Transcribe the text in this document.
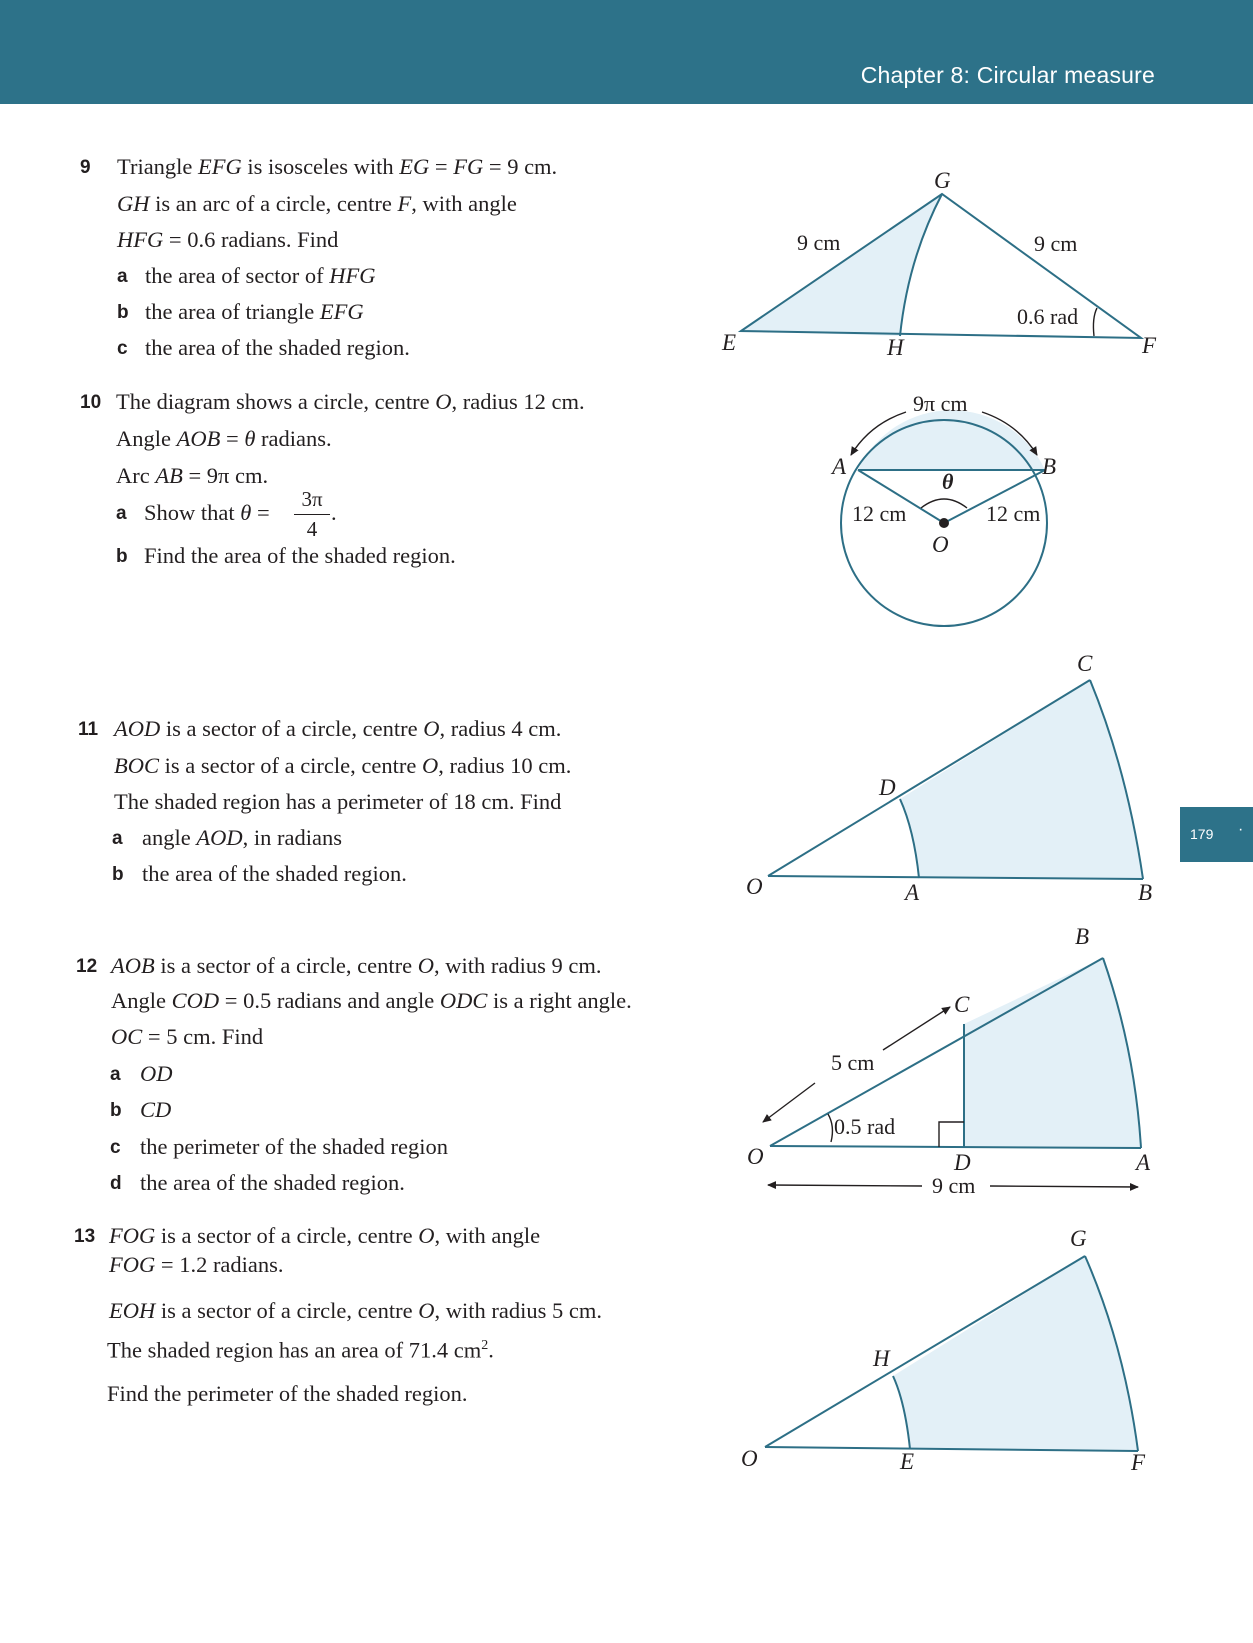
Chapter 8: Circular measure
179 ·
9 Triangle EFG is isosceles with EG = FG = 9 cm.
GH is an arc of a circle, centre F, with angle
HFG = 0.6 radians. Find
a the area of sector of HFG
b the area of triangle EFG
c the area of the shaded region.
10 The diagram shows a circle, centre O, radius 12 cm.
Angle AOB = θ radians.
Arc AB = 9π cm.
a Show that $\theta = \frac{3\pi}{4}$ .
b Find the area of the shaded region.
11 AOD is a sector of a circle, centre O, radius 4 cm.
BOC is a sector of a circle, centre O, radius 10 cm.
The shaded region has a perimeter of 18 cm. Find
a angle AOD, in radians
b the area of the shaded region.
12 AOB is a sector of a circle, centre O, with radius 9 cm.
Angle COD = 0.5 radians and angle ODC is a right angle.
OC = 5 cm. Find
a OD
b CD
c the perimeter of the shaded region
d the area of the shaded region.
13 FOG is a sector of a circle, centre O, with angle
FOG = 1.2 radians.
EOH is a sector of a circle, centre O, with radius 5 cm.
The shaded region has an area of 71.4 $cm^2$.
Find the perimeter of the shaded region.
G
E	H	F
9 cm	9 cm
0.6 rad
9π cm
A	B
θ
O
12 cm	12 cm
C
D
O	A	B
B
C
O	D	A
5 cm
0.5 rad
9 cm
G
H
O	E	F
